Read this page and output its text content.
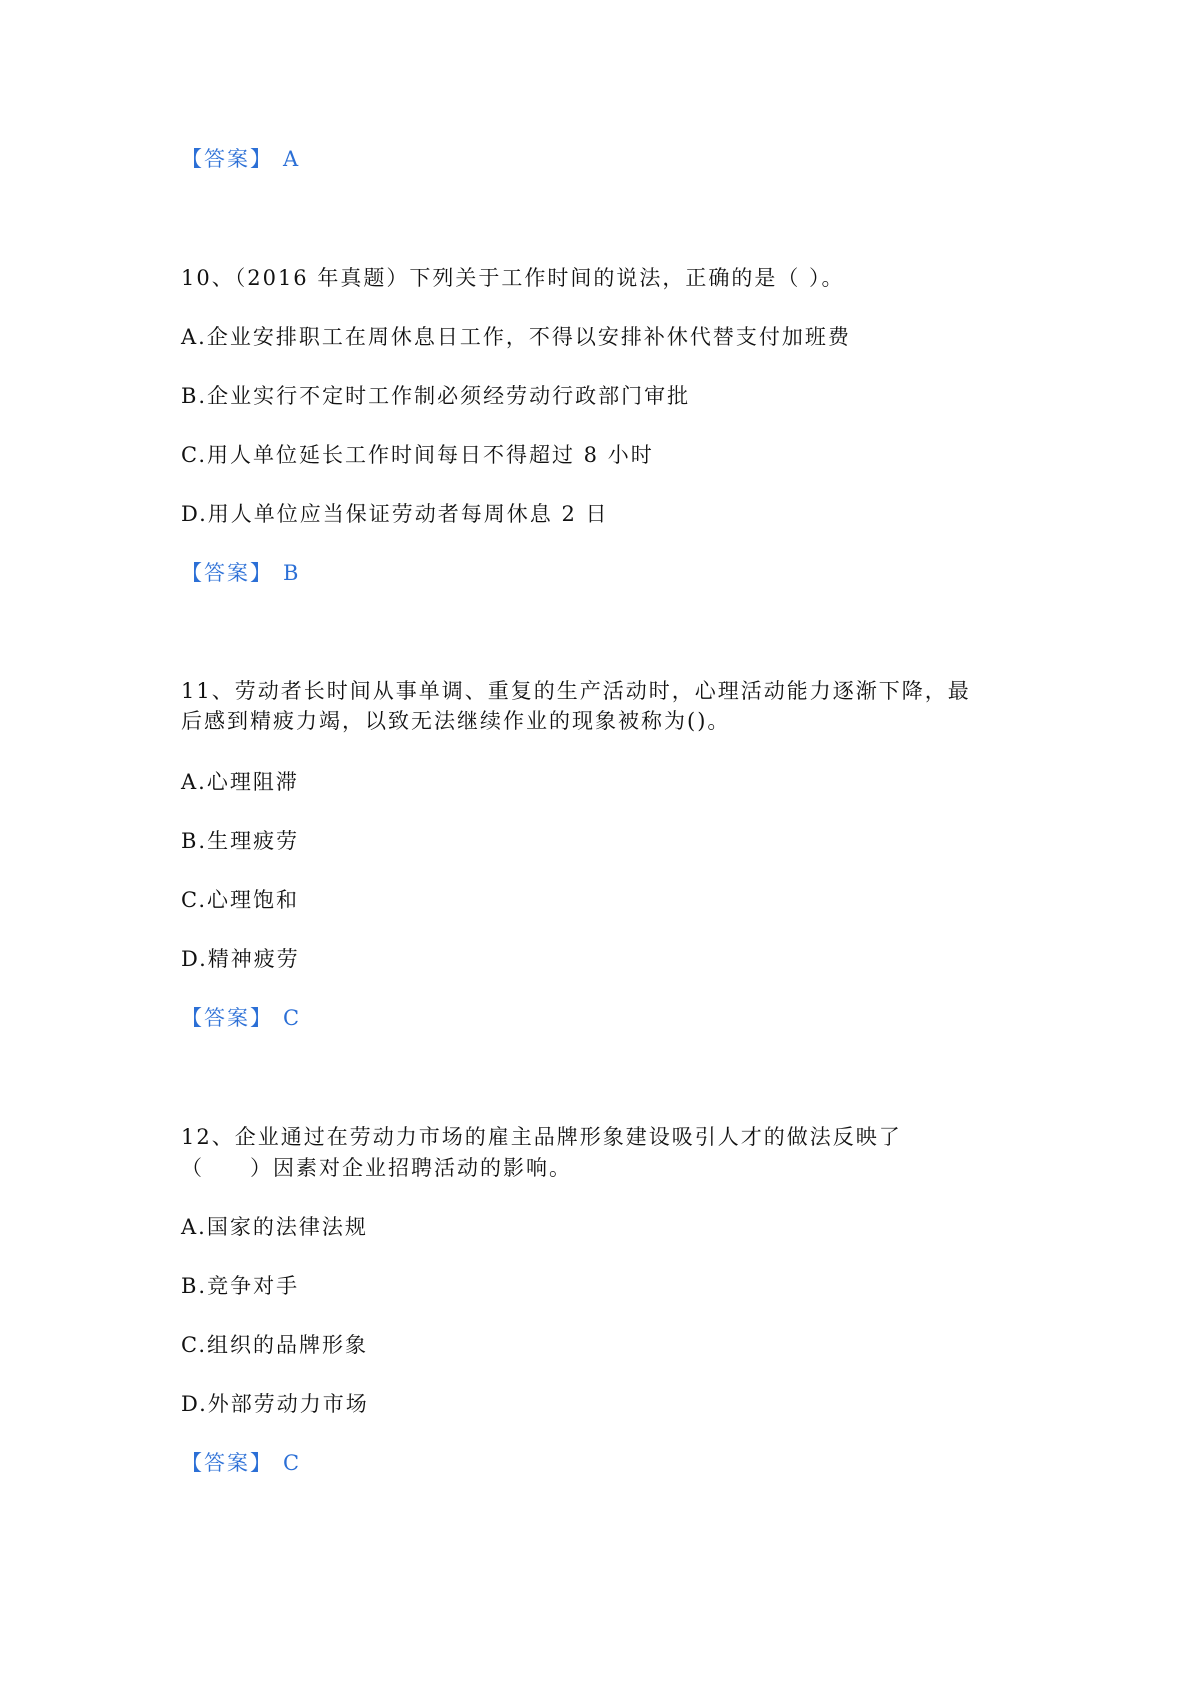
【答案】 A
10、（2016 年真题）下列关于工作时间的说法，正确的是（ ）。
A.企业安排职工在周休息日工作，不得以安排补休代替支付加班费
B.企业实行不定时工作制必须经劳动行政部门审批
C.用人单位延长工作时间每日不得超过 8 小时
D.用人单位应当保证劳动者每周休息 2 日
【答案】 B
11、劳动者长时间从事单调、重复的生产活动时，心理活动能力逐渐下降，最
后感到精疲力竭，以致无法继续作业的现象被称为()。
A.心理阻滞
B.生理疲劳
C.心理饱和
D.精神疲劳
【答案】 C
12、企业通过在劳动力市场的雇主品牌形象建设吸引人才的做法反映了
（　　）因素对企业招聘活动的影响。
A.国家的法律法规
B.竞争对手
C.组织的品牌形象
D.外部劳动力市场
【答案】 C
